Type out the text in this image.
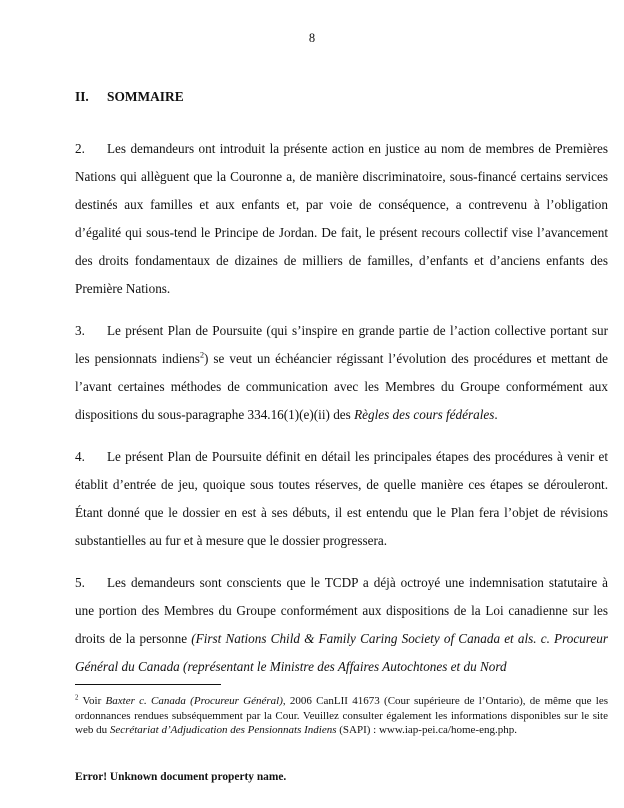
8

II. SOMMAIRE

2. Les demandeurs ont introduit la présente action en justice au nom de membres de Premières Nations qui allèguent que la Couronne a, de manière discriminatoire, sous-financé certains services destinés aux familles et aux enfants et, par voie de conséquence, a contrevenu à l’obligation d’égalité qui sous-tend le Principe de Jordan. De fait, le présent recours collectif vise l’avancement des droits fondamentaux de dizaines de milliers de familles, d’enfants et d’anciens enfants des Première Nations.

3. Le présent Plan de Poursuite (qui s’inspire en grande partie de l’action collective portant sur les pensionnats indiens$^2$) se veut un échéancier régissant l’évolution des procédures et mettant de l’avant certaines méthodes de communication avec les Membres du Groupe conformément aux dispositions du sous-paragraphe 334.16(1)(e)(ii) des Règles des cours fédérales.

4. Le présent Plan de Poursuite définit en détail les principales étapes des procédures à venir et établit d’entrée de jeu, quoique sous toutes réserves, de quelle manière ces étapes se dérouleront. Étant donné que le dossier en est à ses débuts, il est entendu que le Plan fera l’objet de révisions substantielles au fur et à mesure que le dossier progressera.

5. Les demandeurs sont conscients que le TCDP a déjà octroyé une indemnisation statutaire à une portion des Membres du Groupe conformément aux dispositions de la Loi canadienne sur les droits de la personne (First Nations Child & Family Caring Society of Canada et als. c. Procureur Général du Canada (représentant le Ministre des Affaires Autochtones et du Nord

$^2$ Voir Baxter c. Canada (Procureur Général), 2006 CanLII 41673 (Cour supérieure de l’Ontario), de même que les ordonnances rendues subséquemment par la Cour. Veuillez consulter également les informations disponibles sur le site web du Secrétariat d’Adjudication des Pensionnats Indiens (SAPI) : www.iap-pei.ca/home-eng.php.
Error! Unknown document property name.
